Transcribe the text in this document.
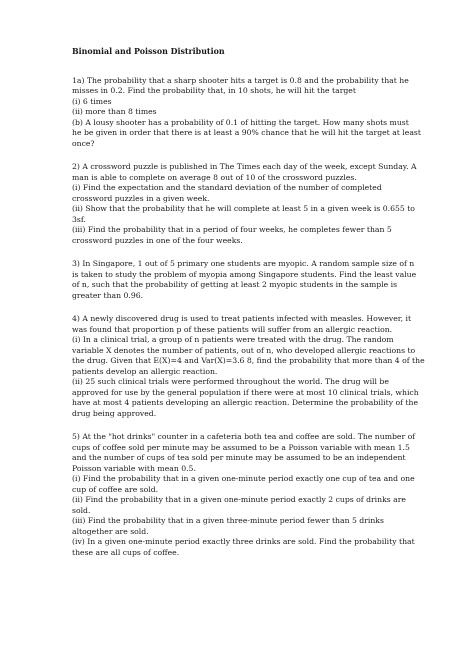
Binomial and Poisson Distribution
1a) The probability that a sharp shooter hits a target is 0.8 and the probability that he
misses in 0.2. Find the probability that, in 10 shots, he will hit the target
(i) 6 times
(ii) more than 8 times
(b) A lousy shooter has a probability of 0.1 of hitting the target. How many shots must
he be given in order that there is at least a 90% chance that he will hit the target at least
once?
2) A crossword puzzle is published in The Times each day of the week, except Sunday. A
man is able to complete on average 8 out of 10 of the crossword puzzles.
(i) Find the expectation and the standard deviation of the number of completed
crossword puzzles in a given week.
(ii) Show that the probability that he will complete at least 5 in a given week is 0.655 to
3sf.
(iii) Find the probability that in a period of four weeks, he completes fewer than 5
crossword puzzles in one of the four weeks.
3) In Singapore, 1 out of 5 primary one students are myopic. A random sample size of n
is taken to study the problem of myopia among Singapore students. Find the least value
of n, such that the probability of getting at least 2 myopic students in the sample is
greater than 0.96.
4) A newly discovered drug is used to treat patients infected with measles. However, it
was found that proportion p of these patients will suffer from an allergic reaction.
(i) In a clinical trial, a group of n patients were treated with the drug. The random
variable X denotes the number of patients, out of n, who developed allergic reactions to
the drug. Given that E(X)=4 and Var(X)=3.6 8, find the probability that more than 4 of the
patients develop an allergic reaction.
(ii) 25 such clinical trials were performed throughout the world. The drug will be
approved for use by the general population if there were at most 10 clinical trials, which
have at most 4 patients developing an allergic reaction. Determine the probability of the
drug being approved.
5) At the "hot drinks" counter in a cafeteria both tea and coffee are sold. The number of
cups of coffee sold per minute may be assumed to be a Poisson variable with mean 1.5
and the number of cups of tea sold per minute may be assumed to be an independent
Poisson variable with mean 0.5.
(i) Find the probability that in a given one-minute period exactly one cup of tea and one
cup of coffee are sold.
(ii) Find the probability that in a given one-minute period exactly 2 cups of drinks are
sold.
(iii) Find the probability that in a given three-minute period fewer than 5 drinks
altogether are sold.
(iv) In a given one-minute period exactly three drinks are sold. Find the probability that
these are all cups of coffee.
